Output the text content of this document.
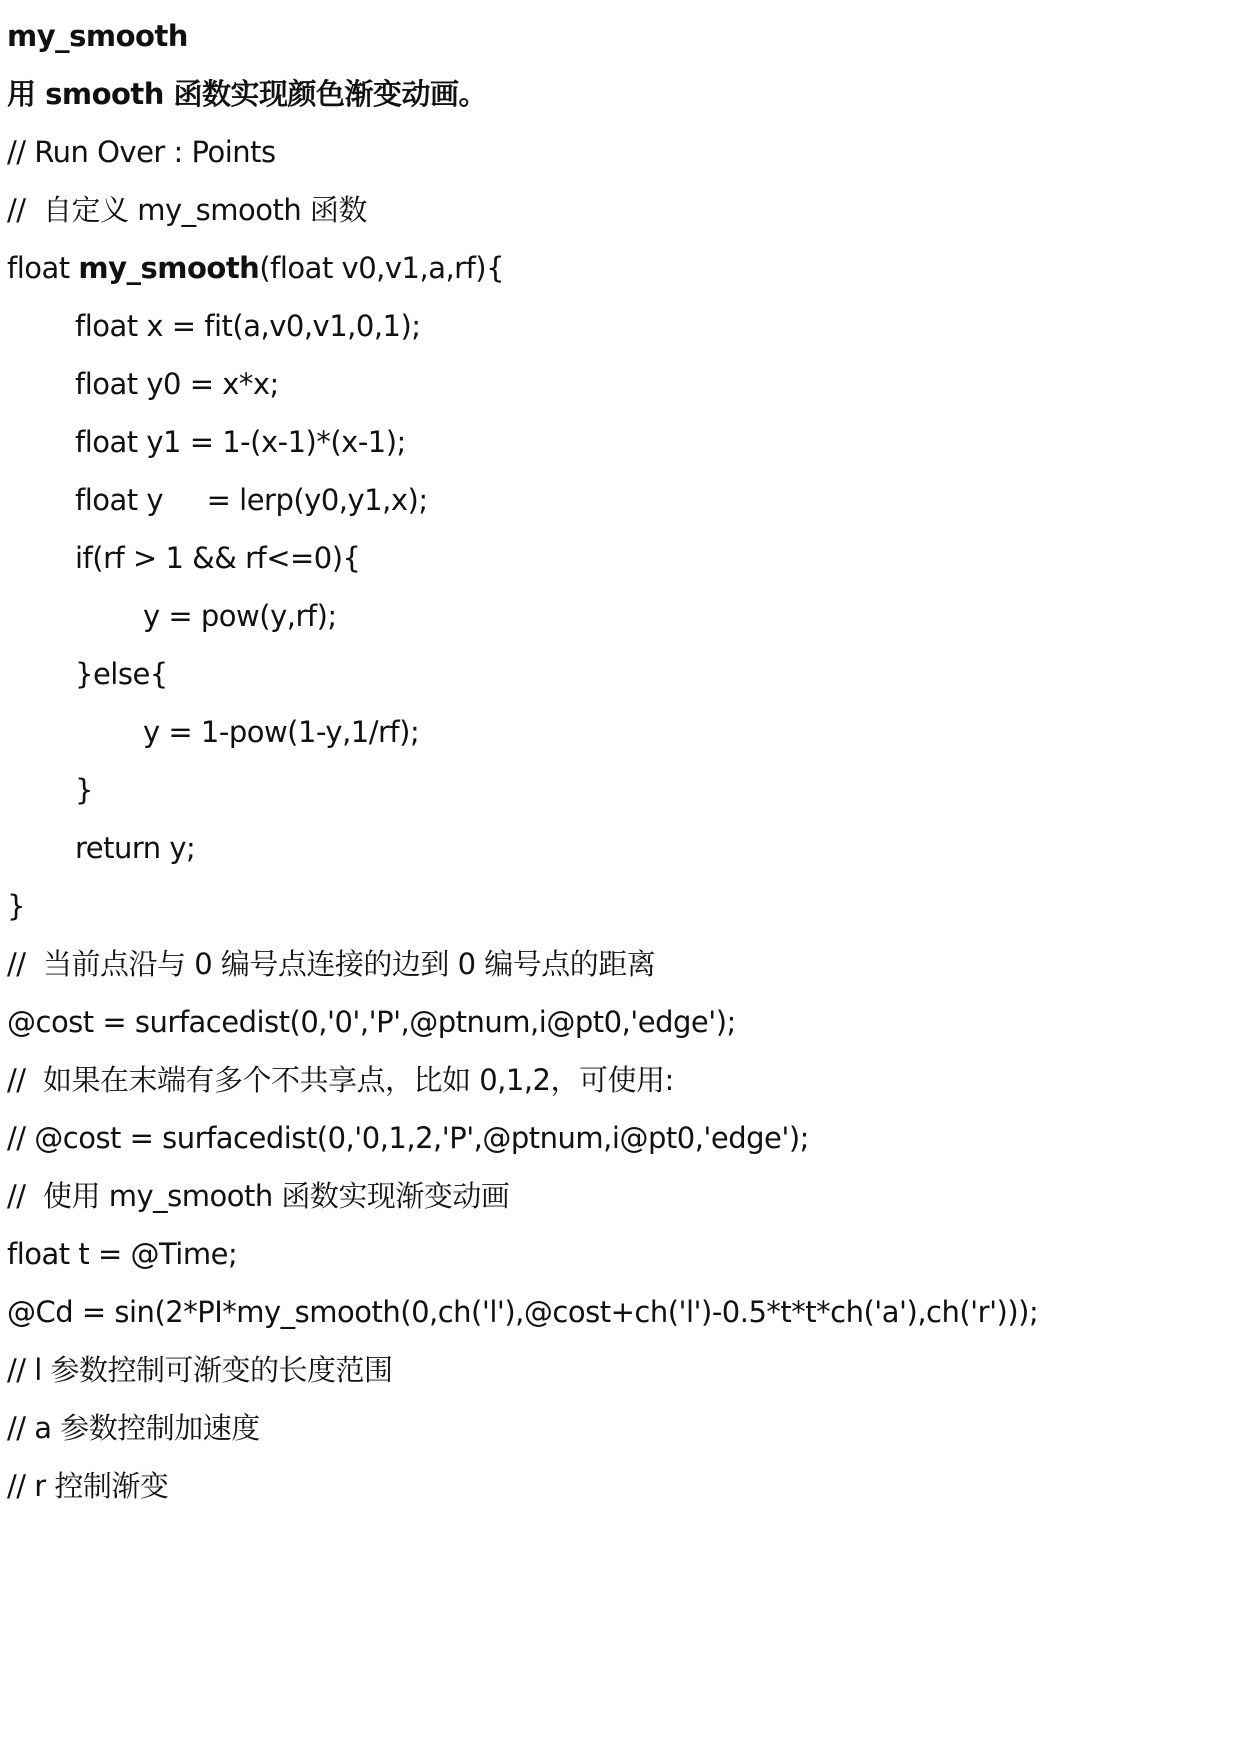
my_smooth
用 smooth 函数实现颜色渐变动画。
// Run Over : Points
//  自定义 my_smooth 函数
float my_smooth(float v0,v1,a,rf){
float x = fit(a,v0,v1,0,1);
float y0 = x*x;
float y1 = 1-(x-1)*(x-1);
float y     = lerp(y0,y1,x);
if(rf > 1 && rf<=0){
y = pow(y,rf);
}else{
y = 1-pow(1-y,1/rf);
}
return y;
}
//  当前点沿与 0 编号点连接的边到 0 编号点的距离
@cost = surfacedist(0,'0','P',@ptnum,i@pt0,'edge');
//  如果在末端有多个不共享点，比如 0,1,2，可使用:
// @cost = surfacedist(0,'0,1,2,'P',@ptnum,i@pt0,'edge');
//  使用 my_smooth 函数实现渐变动画
float t = @Time;
@Cd = sin(2*PI*my_smooth(0,ch('l'),@cost+ch('l')-0.5*t*t*ch('a'),ch('r')));
// l 参数控制可渐变的长度范围
// a 参数控制加速度
// r 控制渐变
